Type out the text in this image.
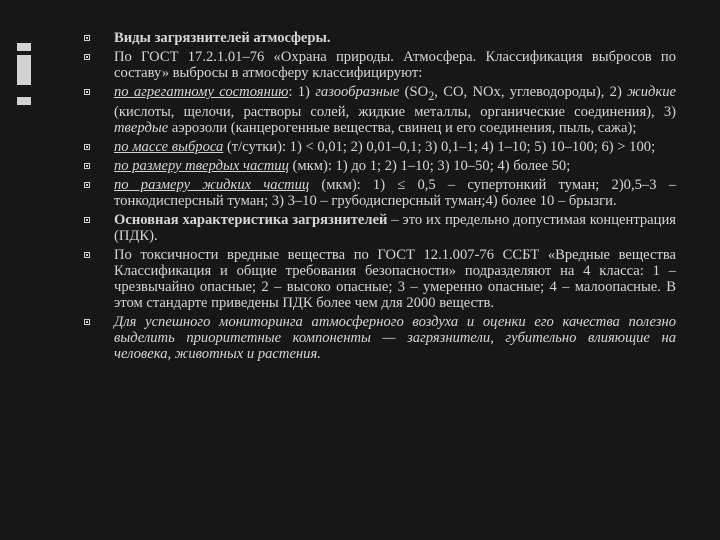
Виды загрязнителей атмосферы.
По ГОСТ 17.2.1.01–76 «Охрана природы. Атмосфера. Классификация выбросов по составу» выбросы в атмосферу классифицируют:
по агрегатному состоянию: 1) газообразные ($SO_2$, СО, NOх, углеводороды), 2) жидкие (кислоты, щелочи, растворы солей, жидкие металлы, органические соединения), 3) твердые аэрозоли (канцерогенные вещества, свинец и его соединения, пыль, сажа);
по массе выброса (т/сутки): 1) < 0,01; 2) 0,01–0,1; 3) 0,1–1; 4) 1–10; 5) 10–100; 6) > 100;
по размеру твердых частиц (мкм): 1) до 1; 2) 1–10; 3) 10–50; 4) более 50;
по размеру жидких частиц (мкм): 1) ≤ 0,5 – супертонкий туман; 2)0,5–3 – тонкодисперсный туман; 3) 3–10 – грубодисперсный туман;4) более 10 – брызги.
Основная характеристика загрязнителей – это их предельно допустимая концентрация (ПДК).
По токсичности вредные вещества по ГОСТ 12.1.007-76 ССБТ «Вредные вещества Классификация и общие требования безопасности» подразделяют на 4 класса: 1 – чрезвычайно опасные; 2 – высоко опасные; 3 – умеренно опасные; 4 – малоопасные. В этом стандарте приведены ПДК более чем для 2000 веществ.
Для успешного мониторинга атмосферного воздуха и оценки его качества полезно выделить приоритетные компоненты — загрязнители, губительно влияющие на человека, животных и растения.
